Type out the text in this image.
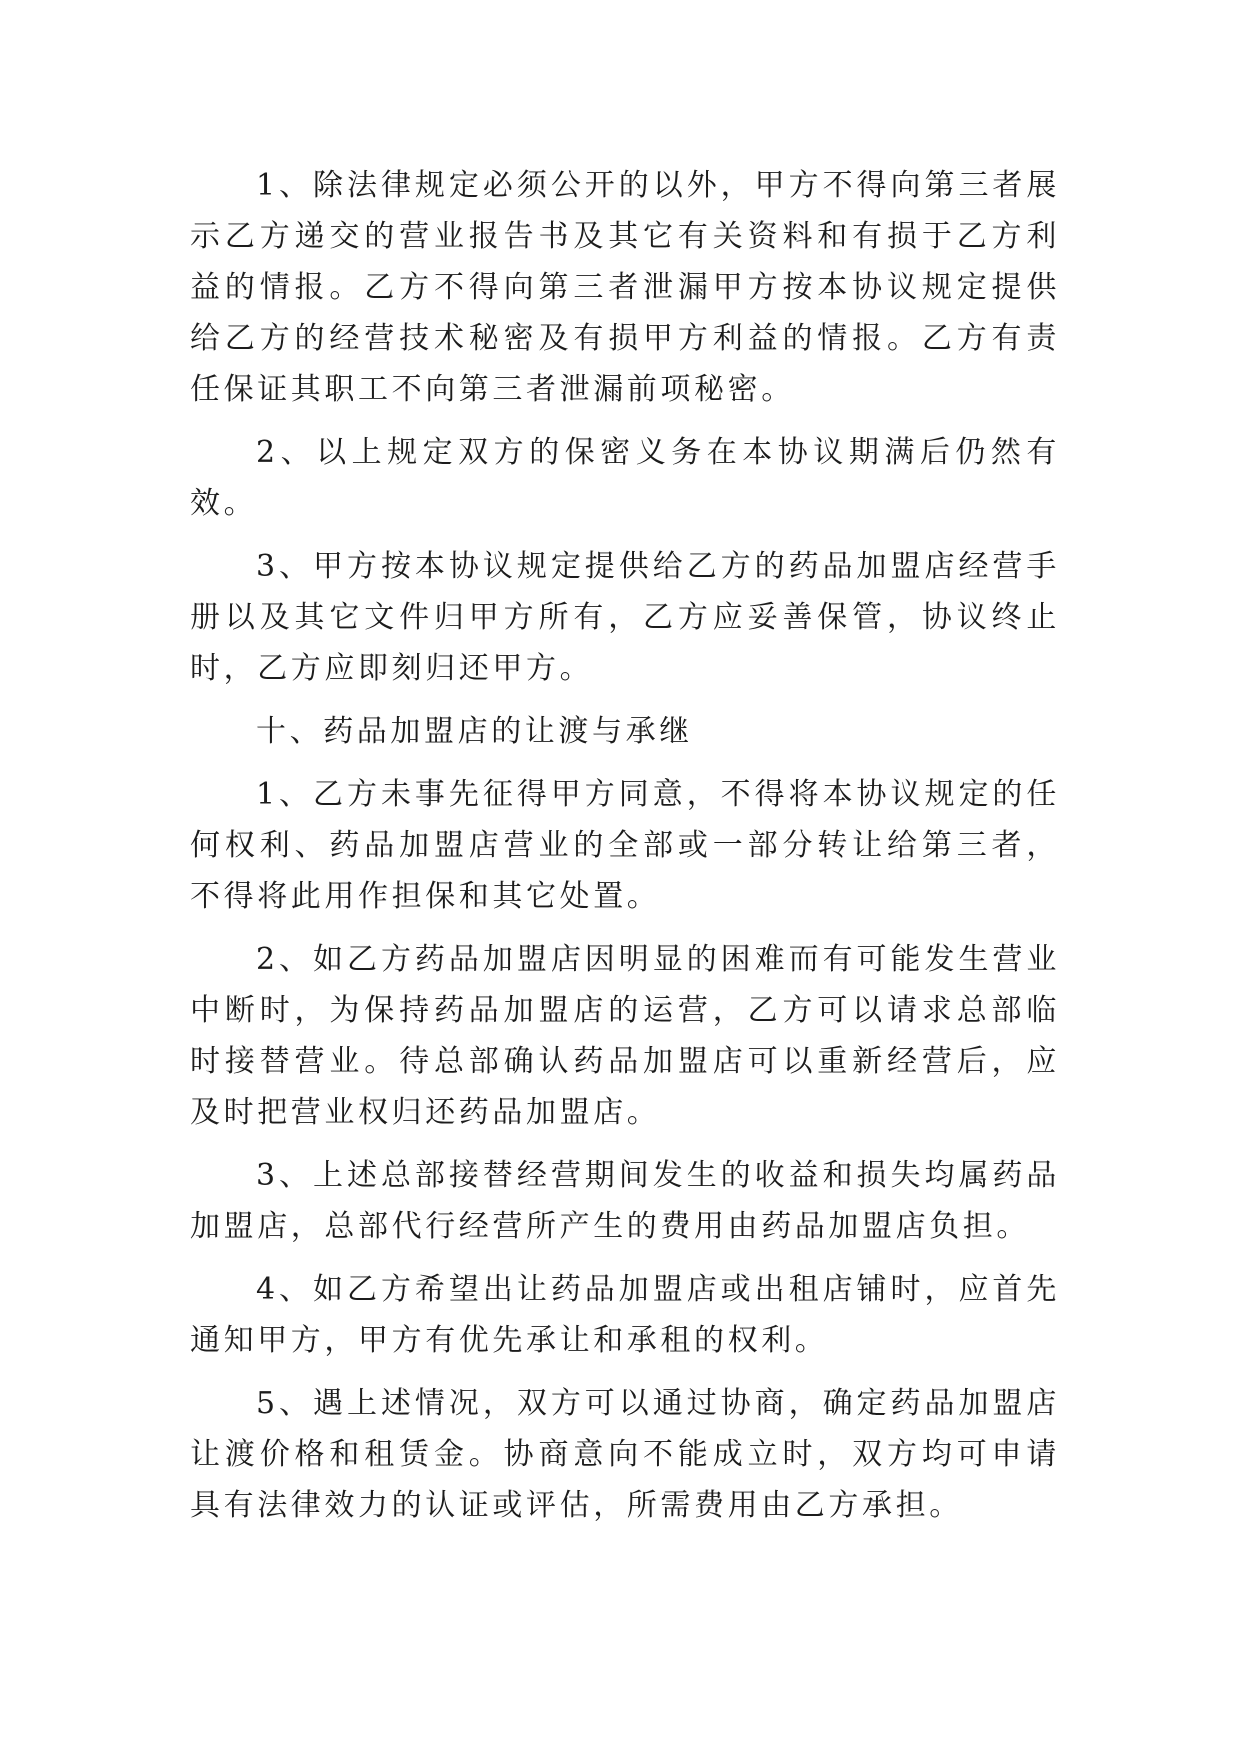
1、除法律规定必须公开的以外，甲方不得向第三者展示乙方递交的营业报告书及其它有关资料和有损于乙方利益的情报。乙方不得向第三者泄漏甲方按本协议规定提供给乙方的经营技术秘密及有损甲方利益的情报。乙方有责任保证其职工不向第三者泄漏前项秘密。

2、以上规定双方的保密义务在本协议期满后仍然有效。

3、甲方按本协议规定提供给乙方的药品加盟店经营手册以及其它文件归甲方所有，乙方应妥善保管，协议终止时，乙方应即刻归还甲方。

十、药品加盟店的让渡与承继

1、乙方未事先征得甲方同意，不得将本协议规定的任何权利、药品加盟店营业的全部或一部分转让给第三者，不得将此用作担保和其它处置。

2、如乙方药品加盟店因明显的困难而有可能发生营业中断时，为保持药品加盟店的运营，乙方可以请求总部临时接替营业。待总部确认药品加盟店可以重新经营后，应及时把营业权归还药品加盟店。

3、上述总部接替经营期间发生的收益和损失均属药品加盟店，总部代行经营所产生的费用由药品加盟店负担。

4、如乙方希望出让药品加盟店或出租店铺时，应首先通知甲方，甲方有优先承让和承租的权利。

5、遇上述情况，双方可以通过协商，确定药品加盟店让渡价格和租赁金。协商意向不能成立时，双方均可申请具有法律效力的认证或评估，所需费用由乙方承担。
